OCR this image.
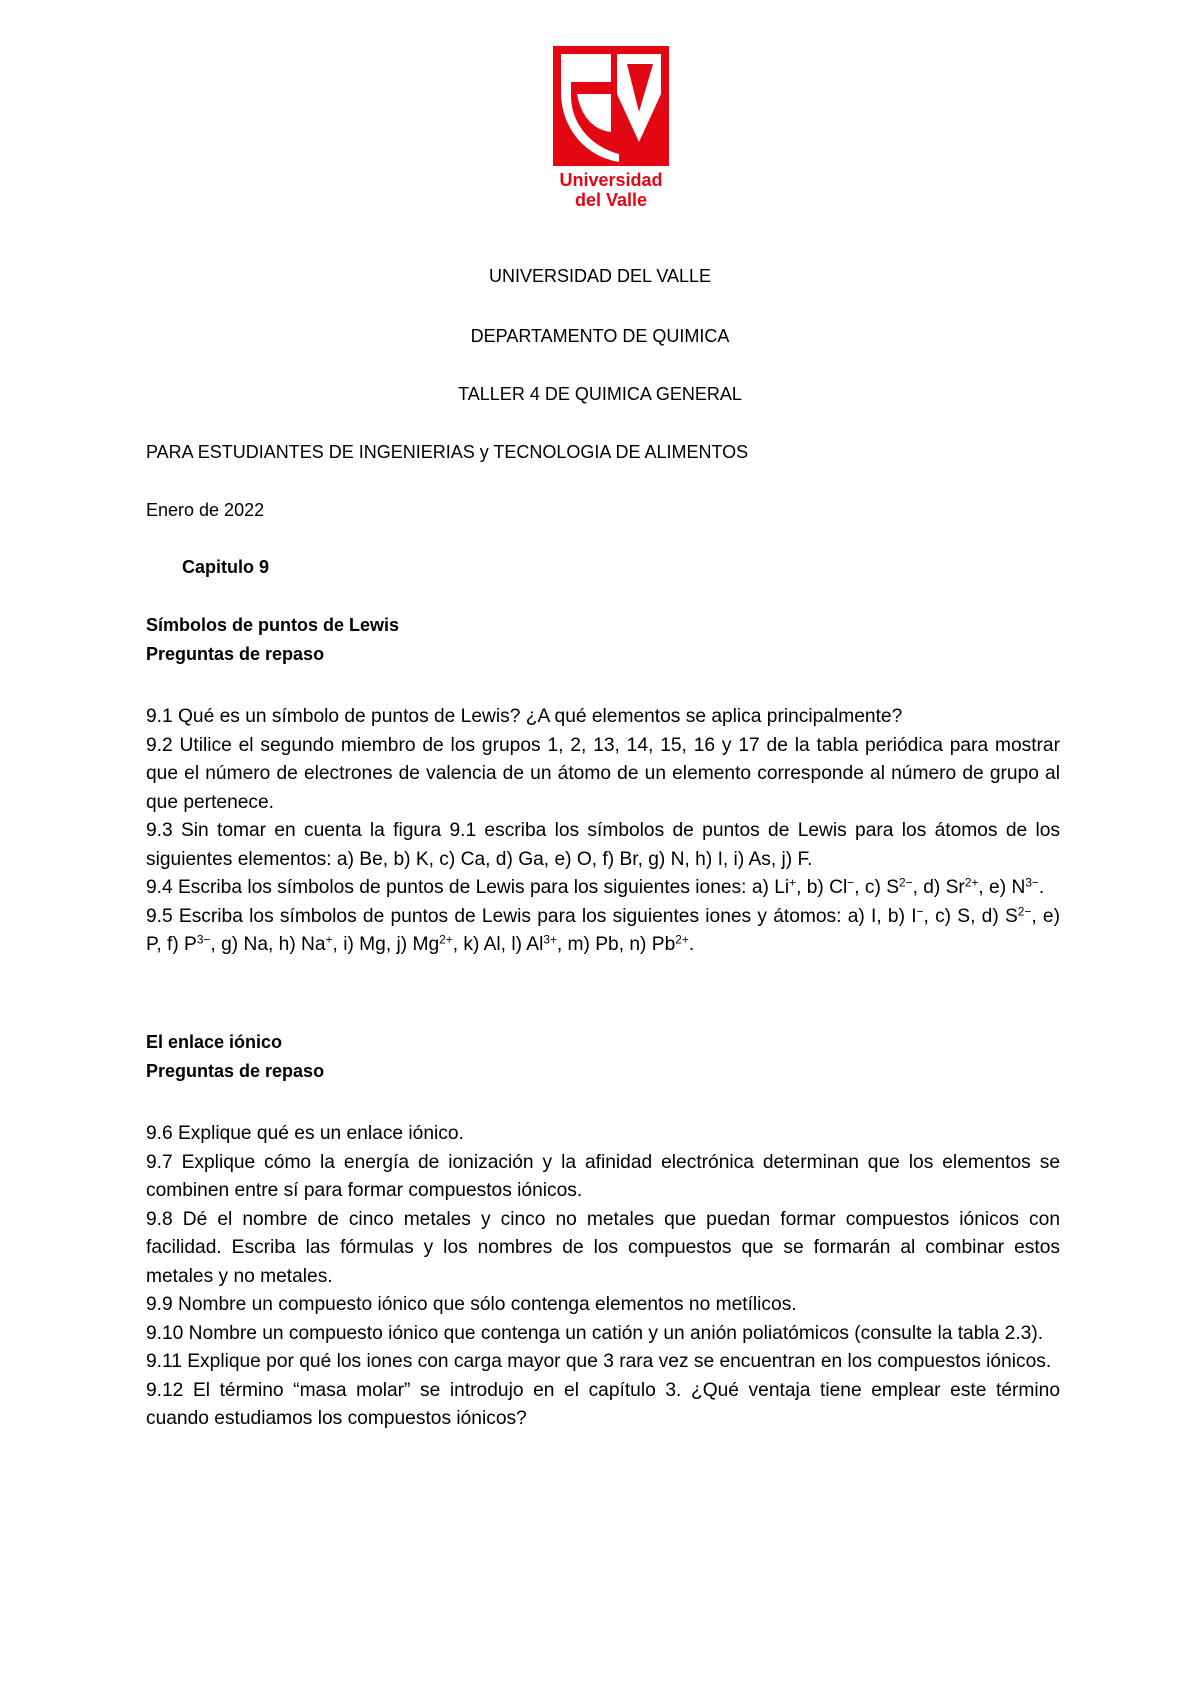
Universidad
del Valle
UNIVERSIDAD DEL VALLE
DEPARTAMENTO DE QUIMICA
TALLER 4 DE QUIMICA GENERAL
PARA ESTUDIANTES DE INGENIERIAS y TECNOLOGIA DE ALIMENTOS
Enero de 2022
Capitulo 9
Símbolos de puntos de Lewis
Preguntas de repaso

9.1 Qué es un símbolo de puntos de Lewis? ¿A qué elementos se aplica principalmente?

9.2 Utilice el segundo miembro de los grupos 1, 2, 13, 14, 15, 16 y 17 de la tabla periódica para mostrar que el número de electrones de valencia de un átomo de un elemento corresponde al número de grupo al que pertenece.

9.3 Sin tomar en cuenta la figura 9.1 escriba los símbolos de puntos de Lewis para los átomos de los siguientes elementos: a) Be, b) K, c) Ca, d) Ga, e) O, f) Br, g) N, h) I, i) As, j) F.

9.4 Escriba los símbolos de puntos de Lewis para los siguientes iones: a) Li+, b) Cl−, c) $S^{2-}$, d) $Sr^{2+}$, e) $N^{3-}$.

9.5 Escriba los símbolos de puntos de Lewis para los siguientes iones y átomos: a) I, b) I−, c) S, d) $S^{2-}$, e) P, f) $P^{3-}$, g) Na, h) Na+, i) Mg, j) $Mg^{2+}$, k) Al, l) $Al^{3+}$, m) Pb, n) $Pb^{2+}$.

El enlace iónico
Preguntas de repaso

9.6 Explique qué es un enlace iónico.

9.7 Explique cómo la energía de ionización y la afinidad electrónica determinan que los elementos se combinen entre sí para formar compuestos iónicos.

9.8 Dé el nombre de cinco metales y cinco no metales que puedan formar compuestos iónicos con facilidad. Escriba las fórmulas y los nombres de los compuestos que se formarán al combinar estos metales y no metales.

9.9 Nombre un compuesto iónico que sólo contenga elementos no metílicos.

9.10 Nombre un compuesto iónico que contenga un catión y un anión poliatómicos (consulte la tabla 2.3).

9.11 Explique por qué los iones con carga mayor que 3 rara vez se encuentran en los compuestos iónicos.

9.12 El término “masa molar” se introdujo en el capítulo 3. ¿Qué ventaja tiene emplear este término cuando estudiamos los compuestos iónicos?
